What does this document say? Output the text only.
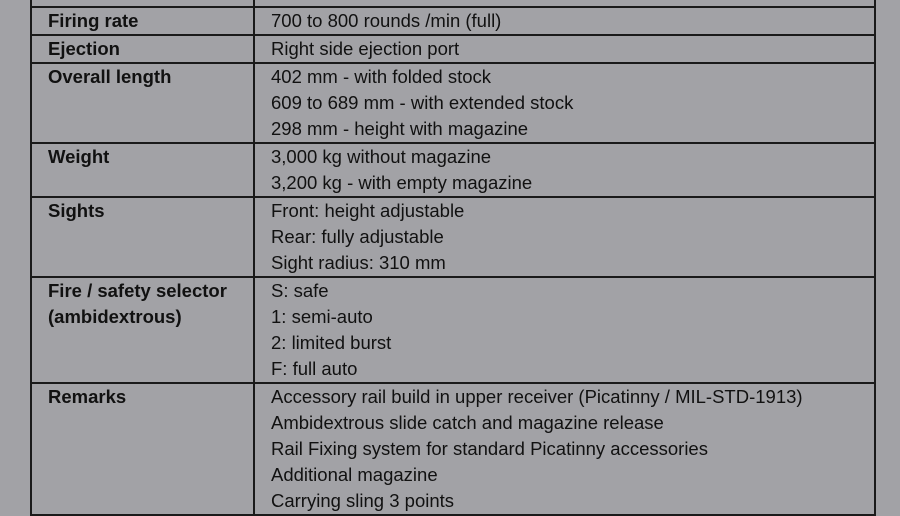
Firing rate	700 to 800 rounds /min (full)

Ejection	Right side ejection port

Overall length	402 mm - with folded stock
609 to 689 mm - with extended stock
298 mm - height with magazine

Weight	3,000 kg without magazine
3,200 kg - with empty magazine

Sights	Front: height adjustable
Rear: fully adjustable
Sight radius: 310 mm

Fire / safety selector
(ambidextrous)	S: safe
1: semi-auto
2: limited burst
F: full auto

Remarks	Accessory rail build in upper receiver (Picatinny / MIL-STD-1913)
Ambidextrous slide catch and magazine release
Rail Fixing system for standard Picatinny accessories
Additional magazine
Carrying sling 3 points
